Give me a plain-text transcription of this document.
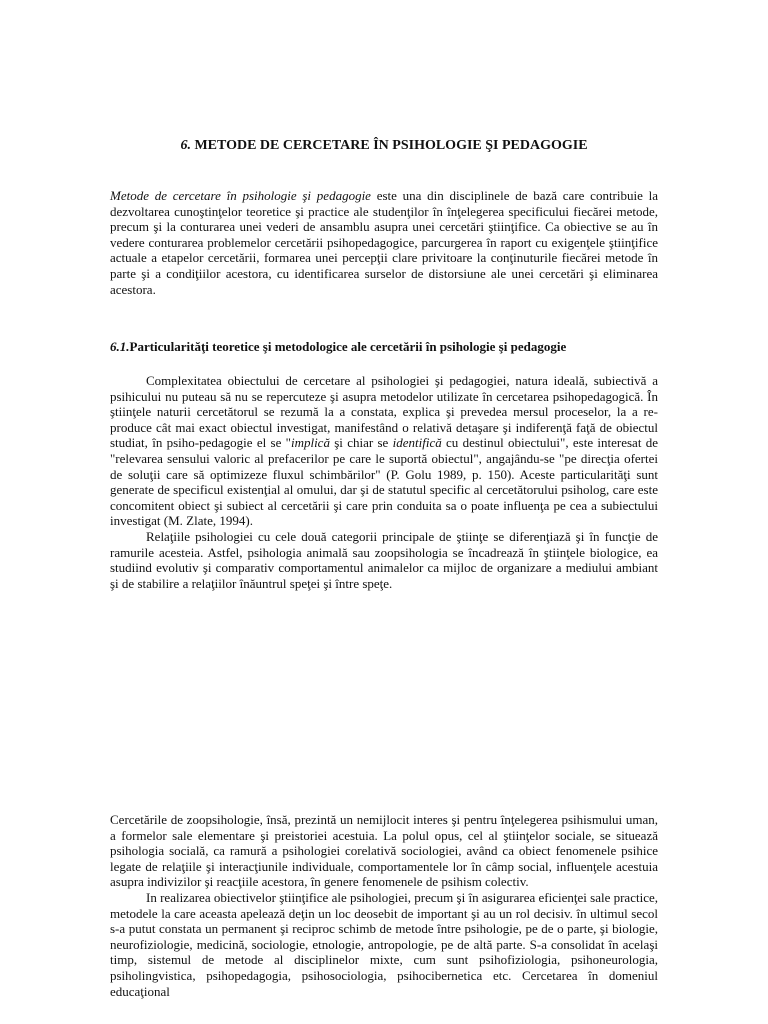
6. METODE DE CERCETARE ÎN PSIHOLOGIE ŞI PEDAGOGIE

Metode de cercetare în psihologie şi pedagogie este una din disciplinele de bază care contribuie la dezvoltarea cunoştinţelor teoretice şi practice ale studenţilor în înţelegerea specificului fiecărei metode, precum şi la conturarea unei vederi de ansamblu asupra unei cercetări ştiinţifice. Ca obiective se au în vedere conturarea problemelor cercetării psihopedagogice, parcurgerea în raport cu exigenţele ştiinţifice actuale a etapelor cercetării, formarea unei percepţii clare privitoare la conţinuturile fiecărei metode în parte şi a condiţiilor acestora, cu identificarea surselor de distorsiune ale unei cercetări şi eliminarea acestora.

6.1.Particularităţi teoretice şi metodologice ale cercetării în psihologie şi pedagogie

Complexitatea obiectului de cercetare al psihologiei şi pedagogiei, natura ideală, subiectivă a psihicului nu puteau să nu se repercuteze şi asupra metodelor utilizate în cercetarea psihopedagogică. În ştiinţele naturii cercetătorul se rezumă la a constata, explica şi prevedea mersul proceselor, la a re-produce cât mai exact obiectul investigat, manifestând o relativă detaşare şi indiferenţă faţă de obiectul studiat, în psiho-pedagogie el se "implică şi chiar se identifică cu destinul obiectului", este interesat de "relevarea sensului valoric al prefacerilor pe care le suportă obiectul", angajându-se "pe direcţia ofertei de soluţii care să optimizeze fluxul schimbărilor" (P. Golu 1989, p. 150). Aceste particularităţi sunt generate de specificul existenţial al omului, dar şi de statutul specific al cercetătorului psiholog, care este concomitent obiect şi subiect al cercetării şi care prin conduita sa o poate influenţa pe cea a subiectului investigat (M. Zlate, 1994).

Relaţiile psihologiei cu cele două categorii principale de ştiinţe se diferenţiază şi în funcţie de ramurile acesteia. Astfel, psihologia animală sau zoopsihologia se încadrează în ştiinţele biologice, ea studiind evolutiv şi comparativ comportamentul animalelor ca mijloc de organizare a mediului ambiant şi de stabilire a relaţiilor înăuntrul speţei şi între speţe.

Cercetările de zoopsihologie, însă, prezintă un nemijlocit interes şi pentru înţelegerea psihismului uman, a formelor sale elementare şi preistoriei acestuia. La polul opus, cel al ştiinţelor sociale, se situează psihologia socială, ca ramură a psihologiei corelativă sociologiei, având ca obiect fenomenele psihice legate de relaţiile şi interacţiunile individuale, comportamentele lor în câmp social, influenţele acestuia asupra indivizilor şi reacţiile acestora, în genere fenomenele de psihism colectiv.

In realizarea obiectivelor ştiinţifice ale psihologiei, precum şi în asigurarea eficienţei sale practice, metodele la care aceasta apelează deţin un loc deosebit de important şi au un rol decisiv. în ultimul secol s-a putut constata un permanent şi reciproc schimb de metode între psihologie, pe de o parte, şi biologie, neurofiziologie, medicină, sociologie, etnologie, antropologie, pe de altă parte. S-a consolidat în acelaşi timp, sistemul de metode al disciplinelor mixte, cum sunt psihofiziologia, psihoneurologia, psiholingvistica, psihopedagogia, psihosociologia, psihocibernetica etc. Cercetarea în domeniul educaţional
